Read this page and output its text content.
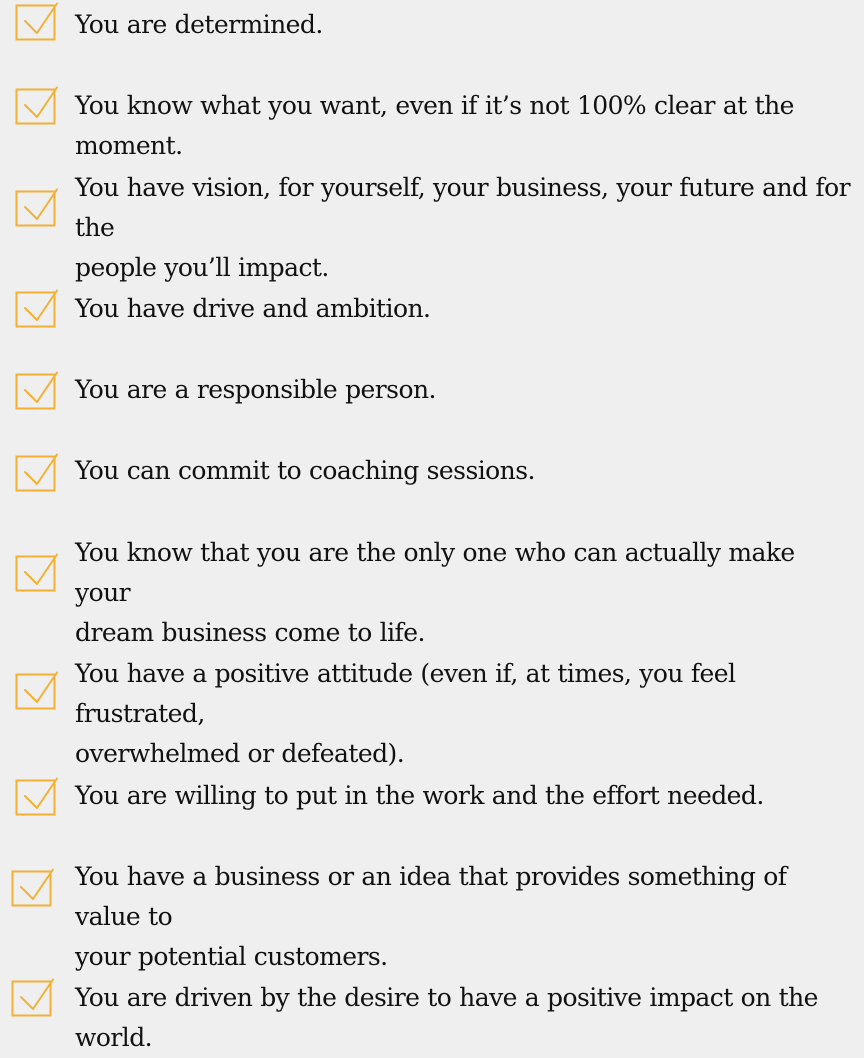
You are determined.
You know what you want, even if it’s not 100% clear at the moment.
You have vision, for yourself, your business, your future and for the
people you’ll impact.
You have drive and ambition.
You are a responsible person.
You can commit to coaching sessions.
You know that you are the only one who can actually make your
dream business come to life.
You have a positive attitude (even if, at times, you feel frustrated,
overwhelmed or defeated).
You are willing to put in the work and the effort needed.
You have a business or an idea that provides something of value to
your potential customers.
You are driven by the desire to have a positive impact on the world.
